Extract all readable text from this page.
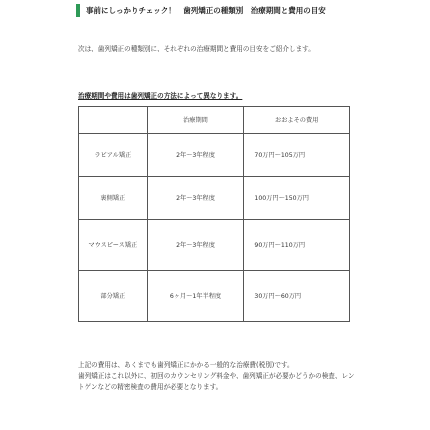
事前にしっかりチェック！　歯列矯正の種類別　治療期間と費用の目安
次は、歯列矯正の種類別に、それぞれの治療期間と費用の目安をご紹介します。
治療期間や費用は歯列矯正の方法によって異なります。
	治療期間	おおよその費用
ラビアル矯正	2年～3年程度	70万円～105万円
裏側矯正	2年～3年程度	100万円～150万円
マウスピース矯正	2年～3年程度	90万円～110万円
部分矯正	6ヶ月～1年半程度	30万円～60万円

上記の費用は、あくまでも歯列矯正にかかる一般的な治療費(税別)です。

歯列矯正はこれ以外に、初回のカウンセリング料金や、歯列矯正が必要かどうかの検査、レントゲンなどの精密検査の費用が必要となります。
